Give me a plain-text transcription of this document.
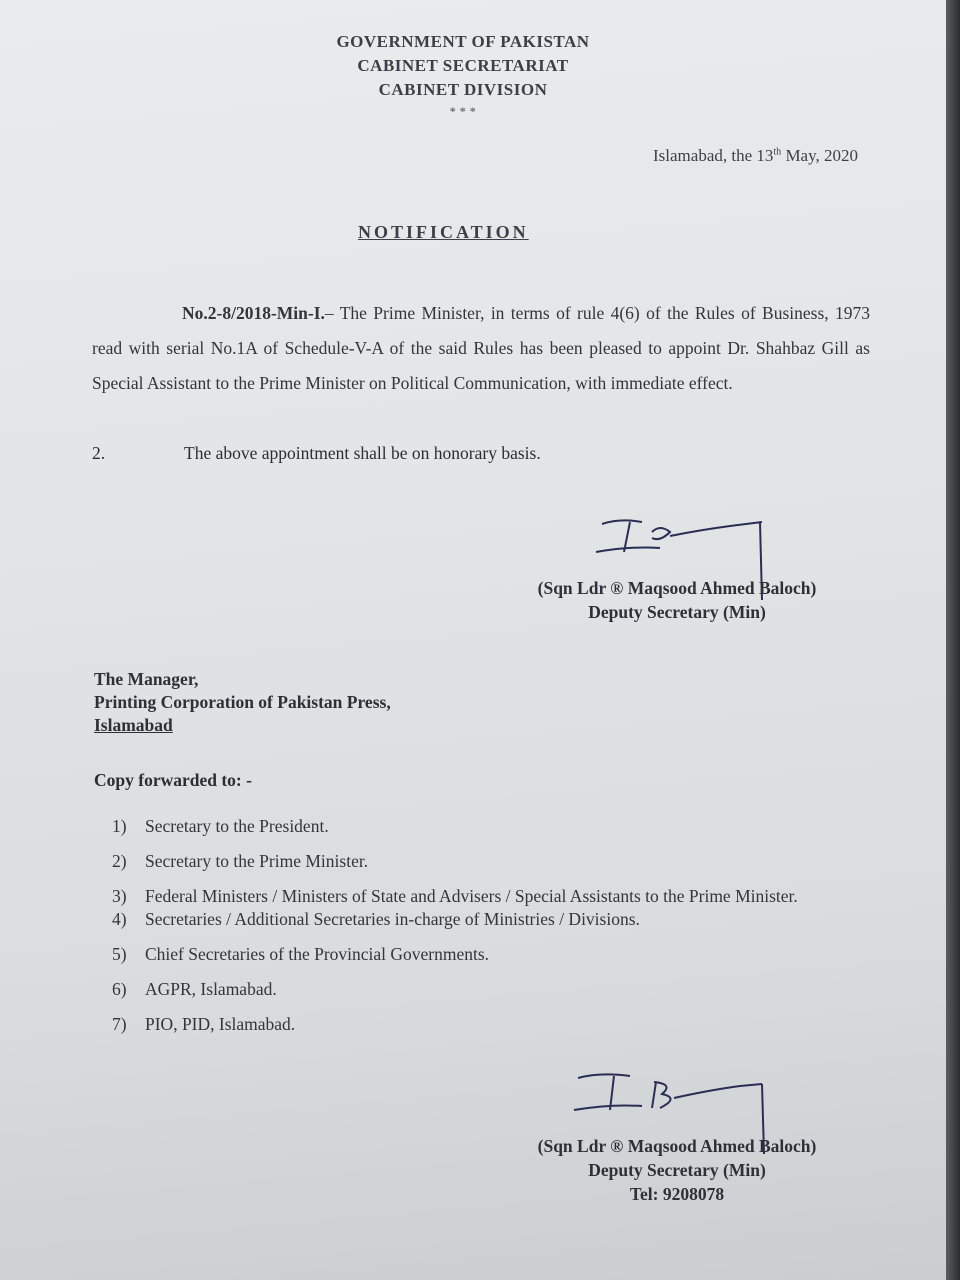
GOVERNMENT OF PAKISTAN
CABINET SECRETARIAT
CABINET DIVISION
* * *
Islamabad, the 13th May, 2020
NOTIFICATION
No.2-8/2018-Min-I.– The Prime Minister, in terms of rule 4(6) of the Rules of Business, 1973 read with serial No.1A of Schedule-V-A of the said Rules has been pleased to appoint Dr. Shahbaz Gill as Special Assistant to the Prime Minister on Political Communication, with immediate effect.
2.	The above appointment shall be on honorary basis.
(Sqn Ldr ® Maqsood Ahmed Baloch)
Deputy Secretary (Min)
The Manager,
Printing Corporation of Pakistan Press,
Islamabad
Copy forwarded to: -
1) Secretary to the President.
2) Secretary to the Prime Minister.
3) Federal Ministers / Ministers of State and Advisers / Special Assistants to the Prime Minister.
4) Secretaries / Additional Secretaries in-charge of Ministries / Divisions.
5) Chief Secretaries of the Provincial Governments.
6) AGPR, Islamabad.
7) PIO, PID, Islamabad.
(Sqn Ldr ® Maqsood Ahmed Baloch)
Deputy Secretary (Min)
Tel: 9208078
